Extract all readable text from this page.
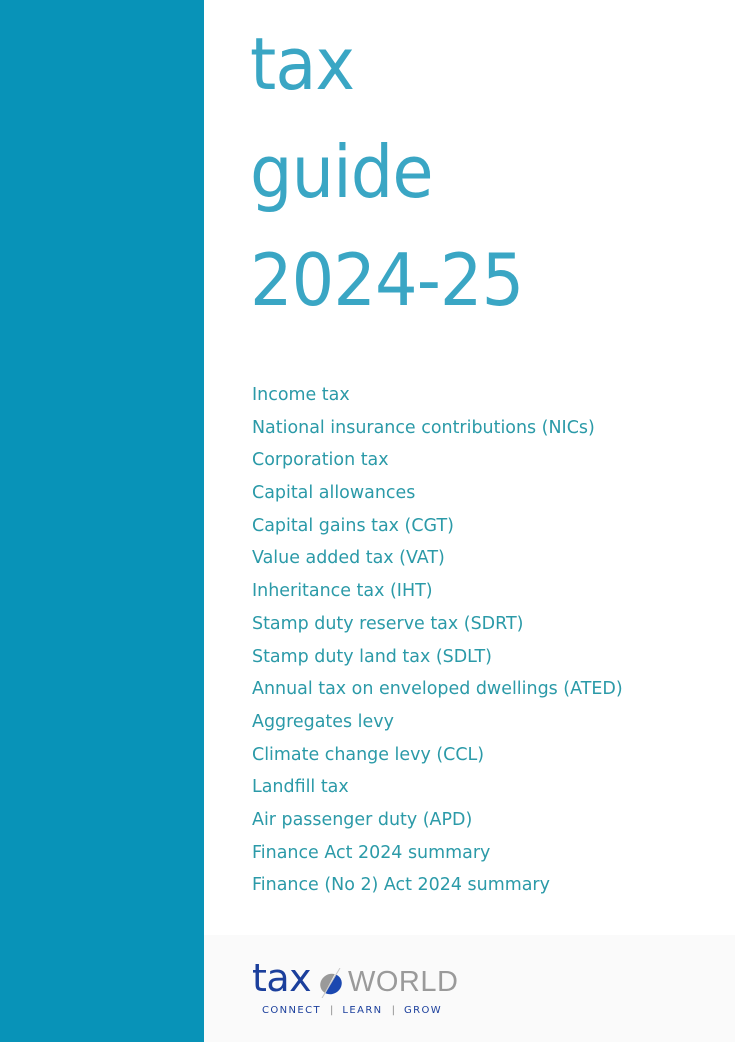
tax
guide
2024-25
Income tax
National insurance contributions (NICs)
Corporation tax
Capital allowances
Capital gains tax (CGT)
Value added tax (VAT)
Inheritance tax (IHT)
Stamp duty reserve tax (SDRT)
Stamp duty land tax (SDLT)
Annual tax on enveloped dwellings (ATED)
Aggregates levy
Climate change levy (CCL)
Landfill tax
Air passenger duty (APD)
Finance Act 2024 summary
Finance (No 2) Act 2024 summary
tax WORLD
CONNECT | LEARN | GROW
